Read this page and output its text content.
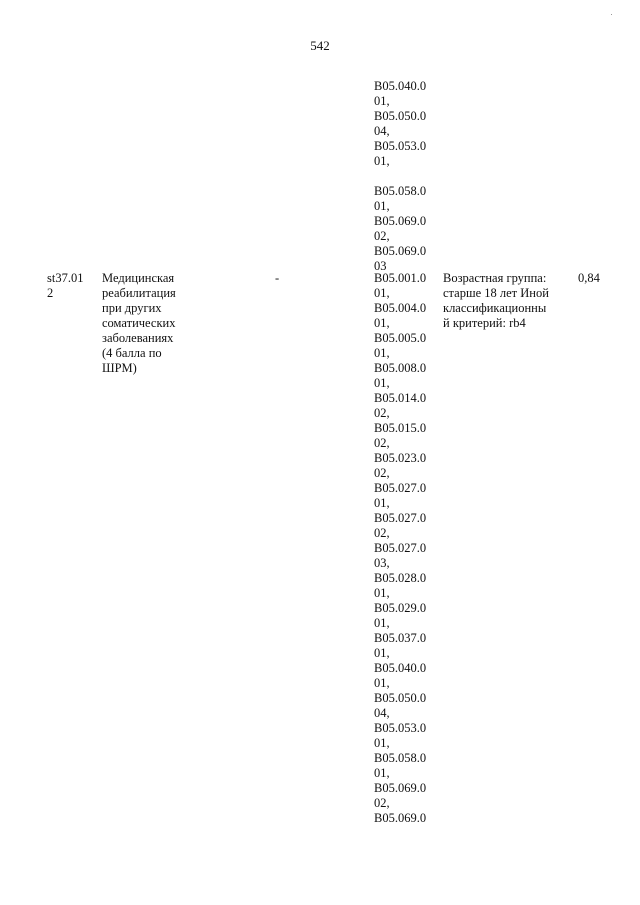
542
B05.040.0
01,
B05.050.0
04,
B05.053.0
01,
B05.058.0
01,
B05.069.0
02,
B05.069.0
03
st37.01
2
Медицинская
реабилитация
при других
соматических
заболеваниях
(4 балла по
ШРМ)
-	B05.001.0
01,
B05.004.0
01,
B05.005.0
01,
B05.008.0
01,
B05.014.0
02,
B05.015.0
02,
B05.023.0
02,
B05.027.0
01,
B05.027.0
02,
B05.027.0
03,
B05.028.0
01,
B05.029.0
01,
B05.037.0
01,
B05.040.0
01,
B05.050.0
04,
B05.053.0
01,
B05.058.0
01,
B05.069.0
02,
B05.069.0
Возрастная группа:
старше 18 лет Иной
классификационны
й критерий: rb4
0,84
